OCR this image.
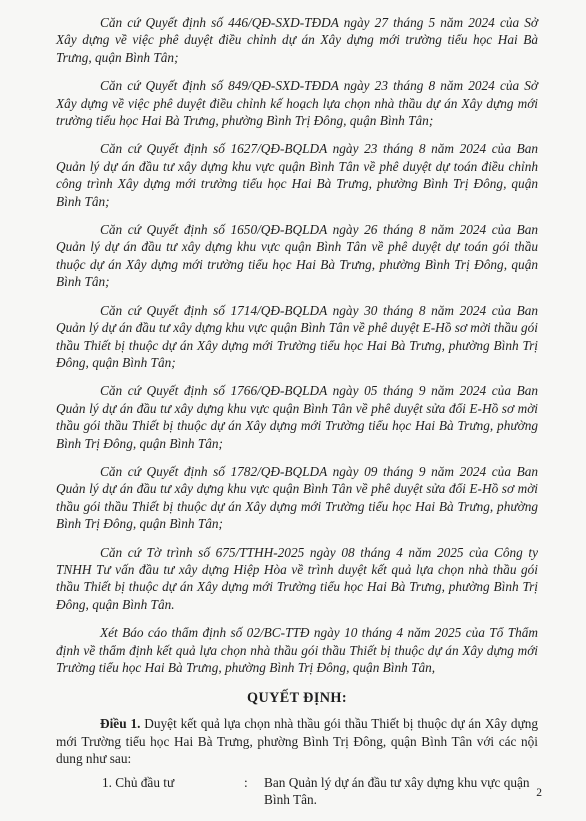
Căn cứ Quyết định số 446/QĐ-SXD-TĐDA ngày 27 tháng 5 năm 2024 của Sở Xây dựng về việc phê duyệt điều chỉnh dự án Xây dựng mới trường tiểu học Hai Bà Trưng, quận Bình Tân;

Căn cứ Quyết định số 849/QĐ-SXD-TĐDA ngày 23 tháng 8 năm 2024 của Sở Xây dựng về việc phê duyệt điều chỉnh kế hoạch lựa chọn nhà thầu dự án Xây dựng mới trường tiểu học Hai Bà Trưng, phường Bình Trị Đông, quận Bình Tân;

Căn cứ Quyết định số 1627/QĐ-BQLDA ngày 23 tháng 8 năm 2024 của Ban Quản lý dự án đầu tư xây dựng khu vực quận Bình Tân về phê duyệt dự toán điều chỉnh công trình Xây dựng mới trường tiểu học Hai Bà Trưng, phường Bình Trị Đông, quận Bình Tân;

Căn cứ Quyết định số 1650/QĐ-BQLDA ngày 26 tháng 8 năm 2024 của Ban Quản lý dự án đầu tư xây dựng khu vực quận Bình Tân về phê duyệt dự toán gói thầu thuộc dự án Xây dựng mới trường tiểu học Hai Bà Trưng, phường Bình Trị Đông, quận Bình Tân;

Căn cứ Quyết định số 1714/QĐ-BQLDA ngày 30 tháng 8 năm 2024 của Ban Quản lý dự án đầu tư xây dựng khu vực quận Bình Tân về phê duyệt E-Hồ sơ mời thầu gói thầu Thiết bị thuộc dự án Xây dựng mới Trường tiểu học Hai Bà Trưng, phường Bình Trị Đông, quận Bình Tân;

Căn cứ Quyết định số 1766/QĐ-BQLDA ngày 05 tháng 9 năm 2024 của Ban Quản lý dự án đầu tư xây dựng khu vực quận Bình Tân về phê duyệt sửa đổi E-Hồ sơ mời thầu gói thầu Thiết bị thuộc dự án Xây dựng mới Trường tiểu học Hai Bà Trưng, phường Bình Trị Đông, quận Bình Tân;

Căn cứ Quyết định số 1782/QĐ-BQLDA ngày 09 tháng 9 năm 2024 của Ban Quản lý dự án đầu tư xây dựng khu vực quận Bình Tân về phê duyệt sửa đổi E-Hồ sơ mời thầu gói thầu Thiết bị thuộc dự án Xây dựng mới Trường tiểu học Hai Bà Trưng, phường Bình Trị Đông, quận Bình Tân;

Căn cứ Tờ trình số 675/TTHH-2025 ngày 08 tháng 4 năm 2025 của Công ty TNHH Tư vấn đầu tư xây dựng Hiệp Hòa về trình duyệt kết quả lựa chọn nhà thầu gói thầu Thiết bị thuộc dự án Xây dựng mới Trường tiểu học Hai Bà Trưng, phường Bình Trị Đông, quận Bình Tân.

Xét Báo cáo thẩm định số 02/BC-TTĐ ngày 10 tháng 4 năm 2025 của Tổ Thẩm định về thẩm định kết quả lựa chọn nhà thầu gói thầu Thiết bị thuộc dự án Xây dựng mới Trường tiểu học Hai Bà Trưng, phường Bình Trị Đông, quận Bình Tân,

QUYẾT ĐỊNH:

Điều 1. Duyệt kết quả lựa chọn nhà thầu gói thầu Thiết bị thuộc dự án Xây dựng mới Trường tiểu học Hai Bà Trưng, phường Bình Trị Đông, quận Bình Tân với các nội dung như sau:

1. Chủ đầu tư	:	Ban Quản lý dự án đầu tư xây dựng khu vực quận Bình Tân.	2
